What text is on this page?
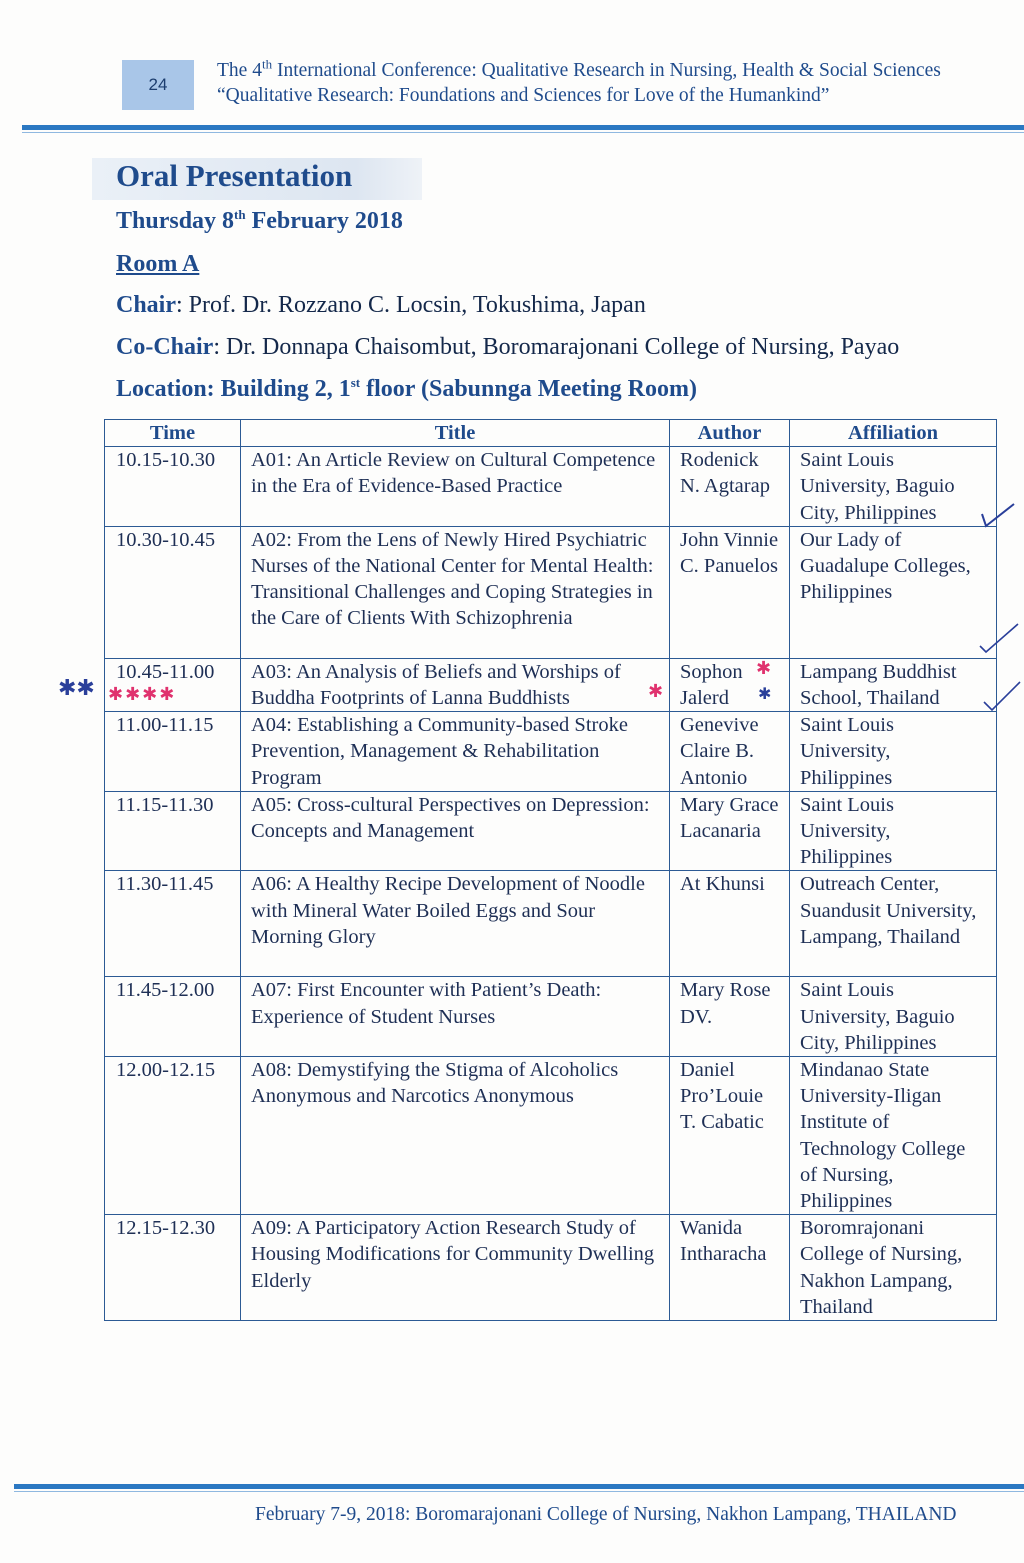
24
The 4th International Conference: Qualitative Research in Nursing, Health & Social Sciences
“Qualitative Research: Foundations and Sciences for Love of the Humankind”
Oral Presentation
Thursday 8th February 2018
Room A
Chair: Prof. Dr. Rozzano C. Locsin, Tokushima, Japan
Co-Chair: Dr. Donnapa Chaisombut, Boromarajonani College of Nursing, Payao
Location: Building 2, 1st floor (Sabunnga Meeting Room)
Time	Title	Author	Affiliation
10.15-10.30	A01: An Article Review on Cultural Competence in the Era of Evidence-Based Practice	Rodenick N. Agtarap	Saint Louis University, Baguio City, Philippines
10.30-10.45	A02: From the Lens of Newly Hired Psychiatric Nurses of the National Center for Mental Health: Transitional Challenges and Coping Strategies in the Care of Clients With Schizophrenia	John Vinnie C. Panuelos	Our Lady of Guadalupe Colleges, Philippines
10.45-11.00	A03: An Analysis of Beliefs and Worships of Buddha Footprints of Lanna Buddhists	Sophon Jalerd	Lampang Buddhist School, Thailand
11.00-11.15	A04: Establishing a Community-based Stroke Prevention, Management & Rehabilitation Program	Genevive Claire B. Antonio	Saint Louis University, Philippines
11.15-11.30	A05: Cross-cultural Perspectives on Depression: Concepts and Management	Mary Grace Lacanaria	Saint Louis University, Philippines
11.30-11.45	A06: A Healthy Recipe Development of Noodle with Mineral Water Boiled Eggs and Sour Morning Glory	At Khunsi	Outreach Center, Suandusit University, Lampang, Thailand
11.45-12.00	A07: First Encounter with Patient’s Death: Experience of Student Nurses	Mary Rose DV.	Saint Louis University, Baguio City, Philippines
12.00-12.15	A08: Demystifying the Stigma of Alcoholics Anonymous and Narcotics Anonymous	Daniel Pro’Louie T. Cabatic	Mindanao State University-Iligan Institute of Technology College of Nursing, Philippines
12.15-12.30	A09: A Participatory Action Research Study of Housing Modifications for Community Dwelling Elderly	Wanida Intharacha	Boromrajonani College of Nursing, Nakhon Lampang, Thailand
✱✱ ✱✱✱✱
✱
✱	✱
February 7-9, 2018: Boromarajonani College of Nursing, Nakhon Lampang, THAILAND
